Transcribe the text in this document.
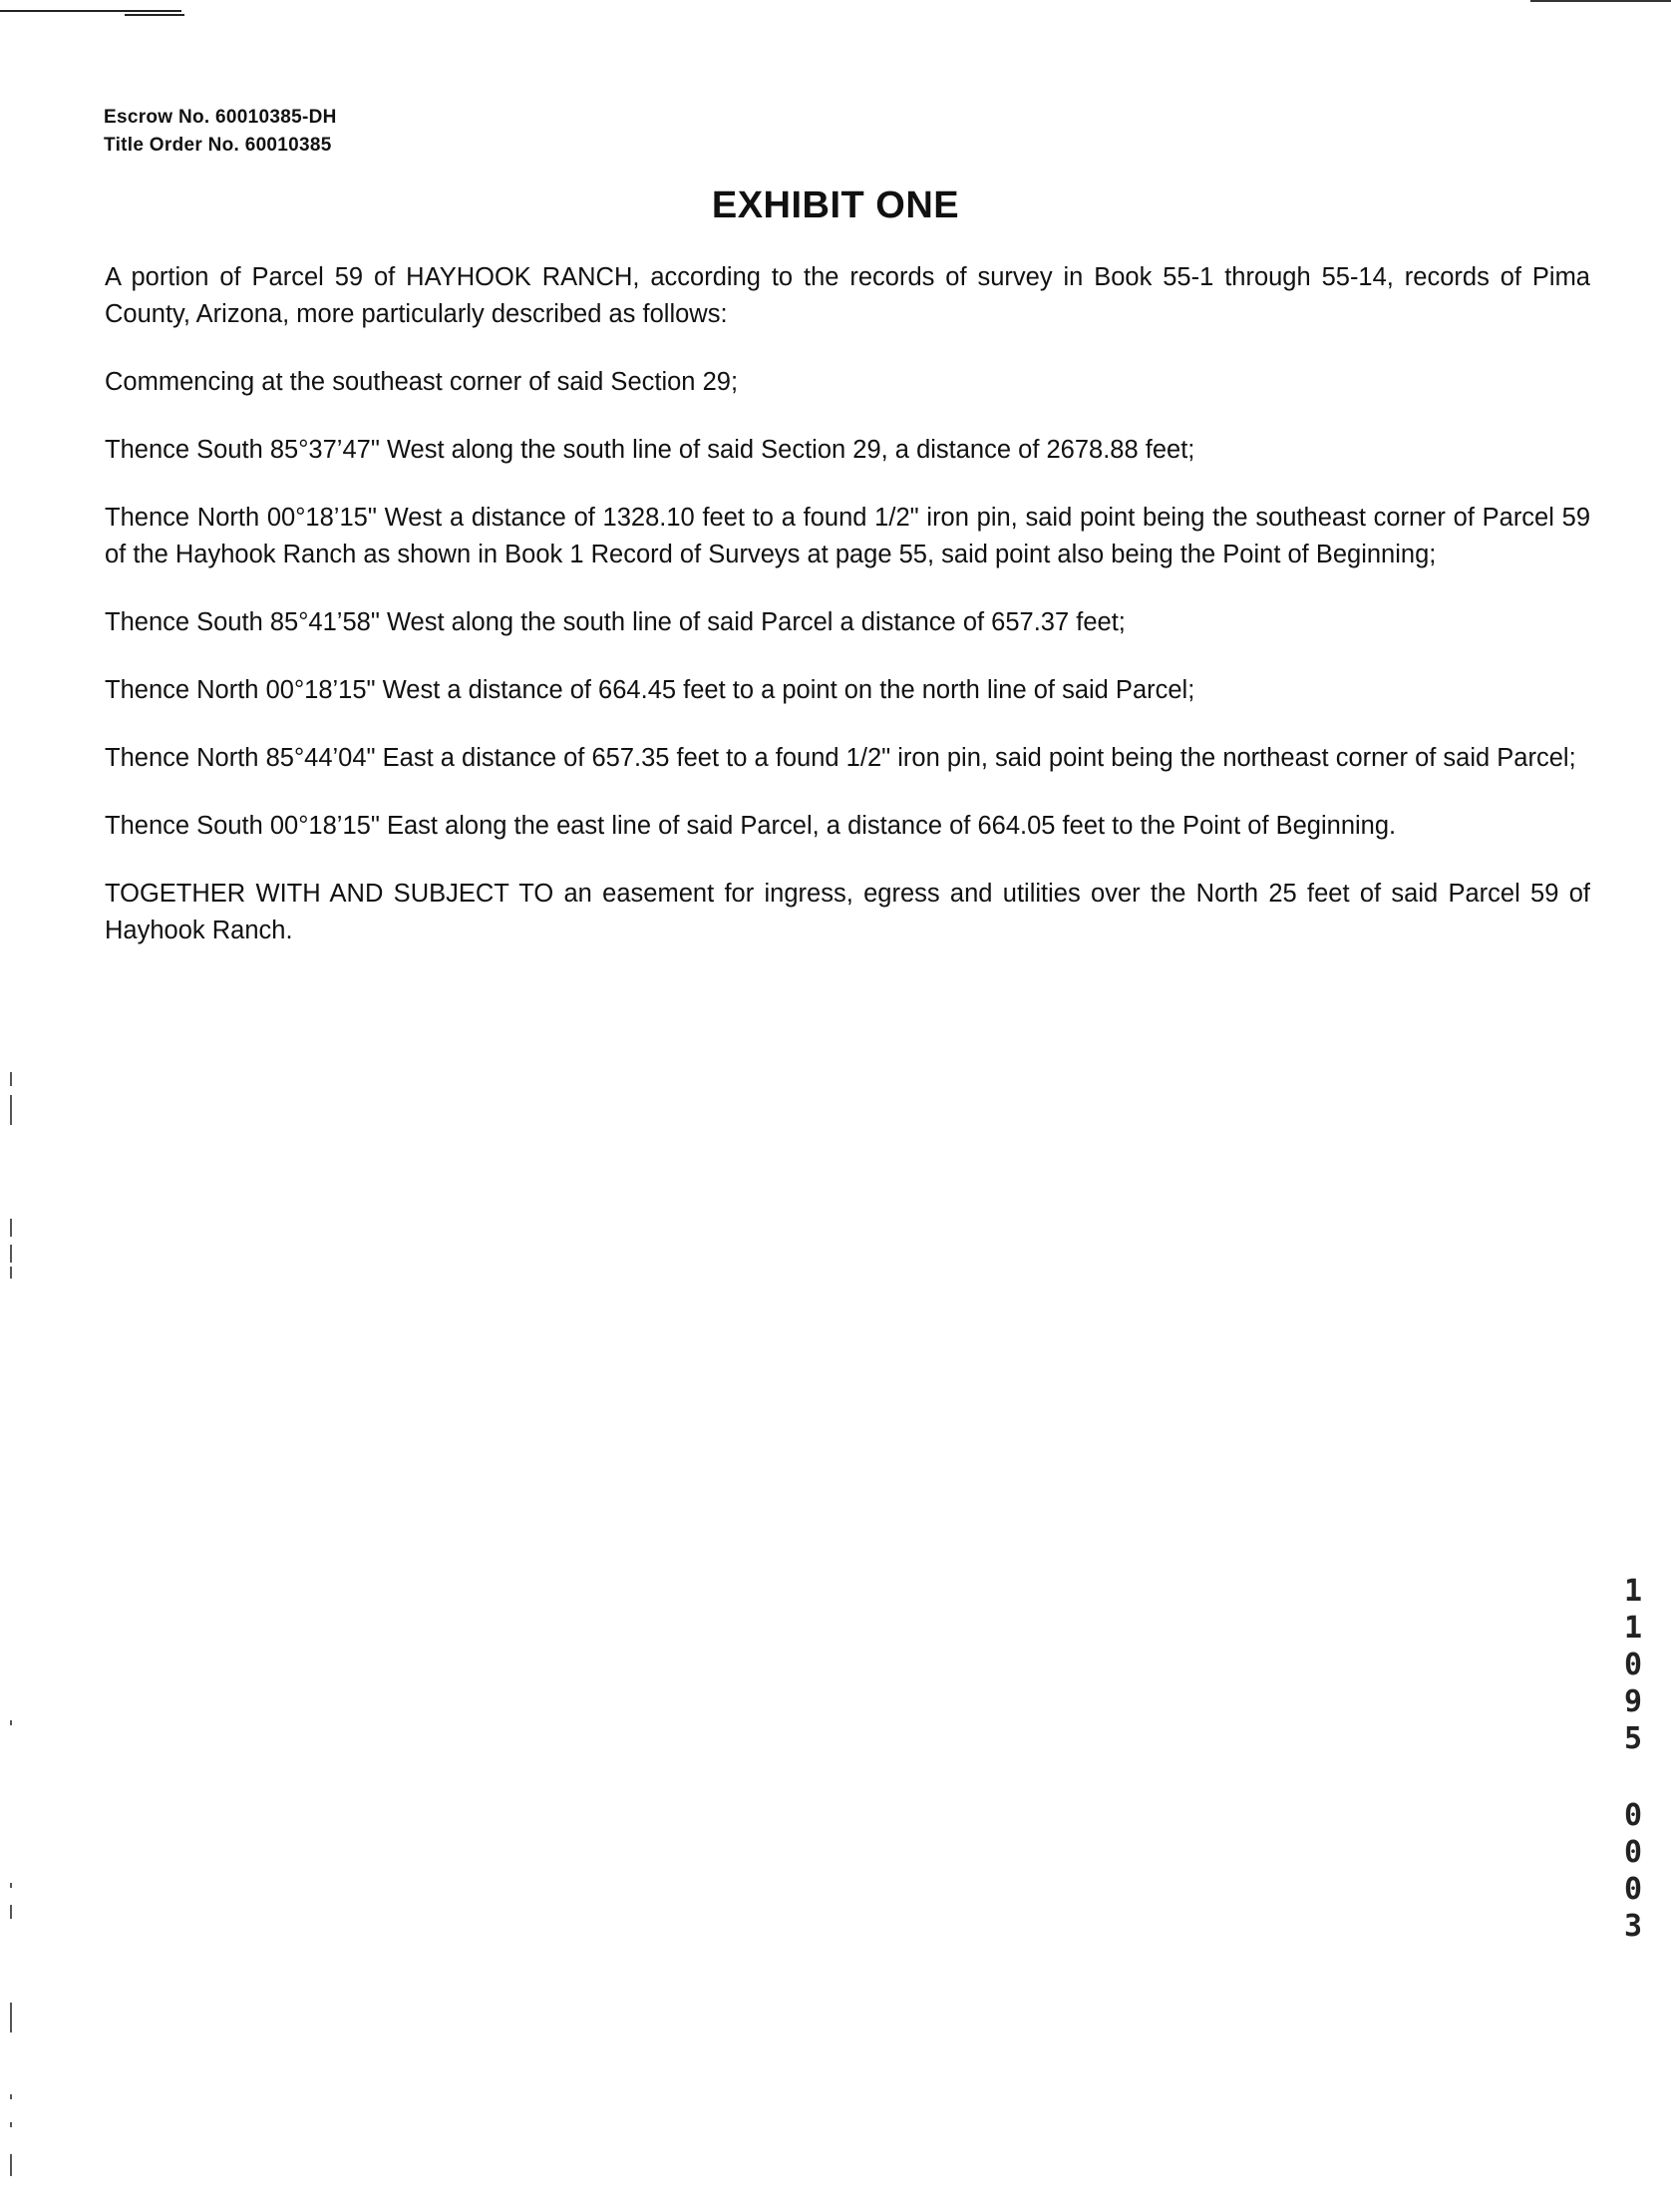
Escrow No. 60010385-DH
Title Order No. 60010385
EXHIBIT ONE

A portion of Parcel 59 of HAYHOOK RANCH, according to the records of survey in Book 55-1 through 55-14, records of Pima County, Arizona, more particularly described as follows:

Commencing at the southeast corner of said Section 29;

Thence South 85°37’47" West along the south line of said Section 29, a distance of 2678.88 feet;

Thence North 00°18’15" West a distance of 1328.10 feet to a found 1/2" iron pin, said point being the southeast corner of Parcel 59 of the Hayhook Ranch as shown in Book 1 Record of Surveys at page 55, said point also being the Point of Beginning;

Thence South 85°41’58" West along the south line of said Parcel a distance of 657.37 feet;

Thence North 00°18’15" West a distance of 664.45 feet to a point on the north line of said Parcel;

Thence North 85°44’04" East a distance of 657.35 feet to a found 1/2" iron pin, said point being the northeast corner of said Parcel;

Thence South 00°18’15" East along the east line of said Parcel, a distance of 664.05 feet to the Point of Beginning.

TOGETHER WITH AND SUBJECT TO an easement for ingress, egress and utilities over the North 25 feet of said Parcel 59 of Hayhook Ranch.

1
1
0
9
5
0
0
0
3
